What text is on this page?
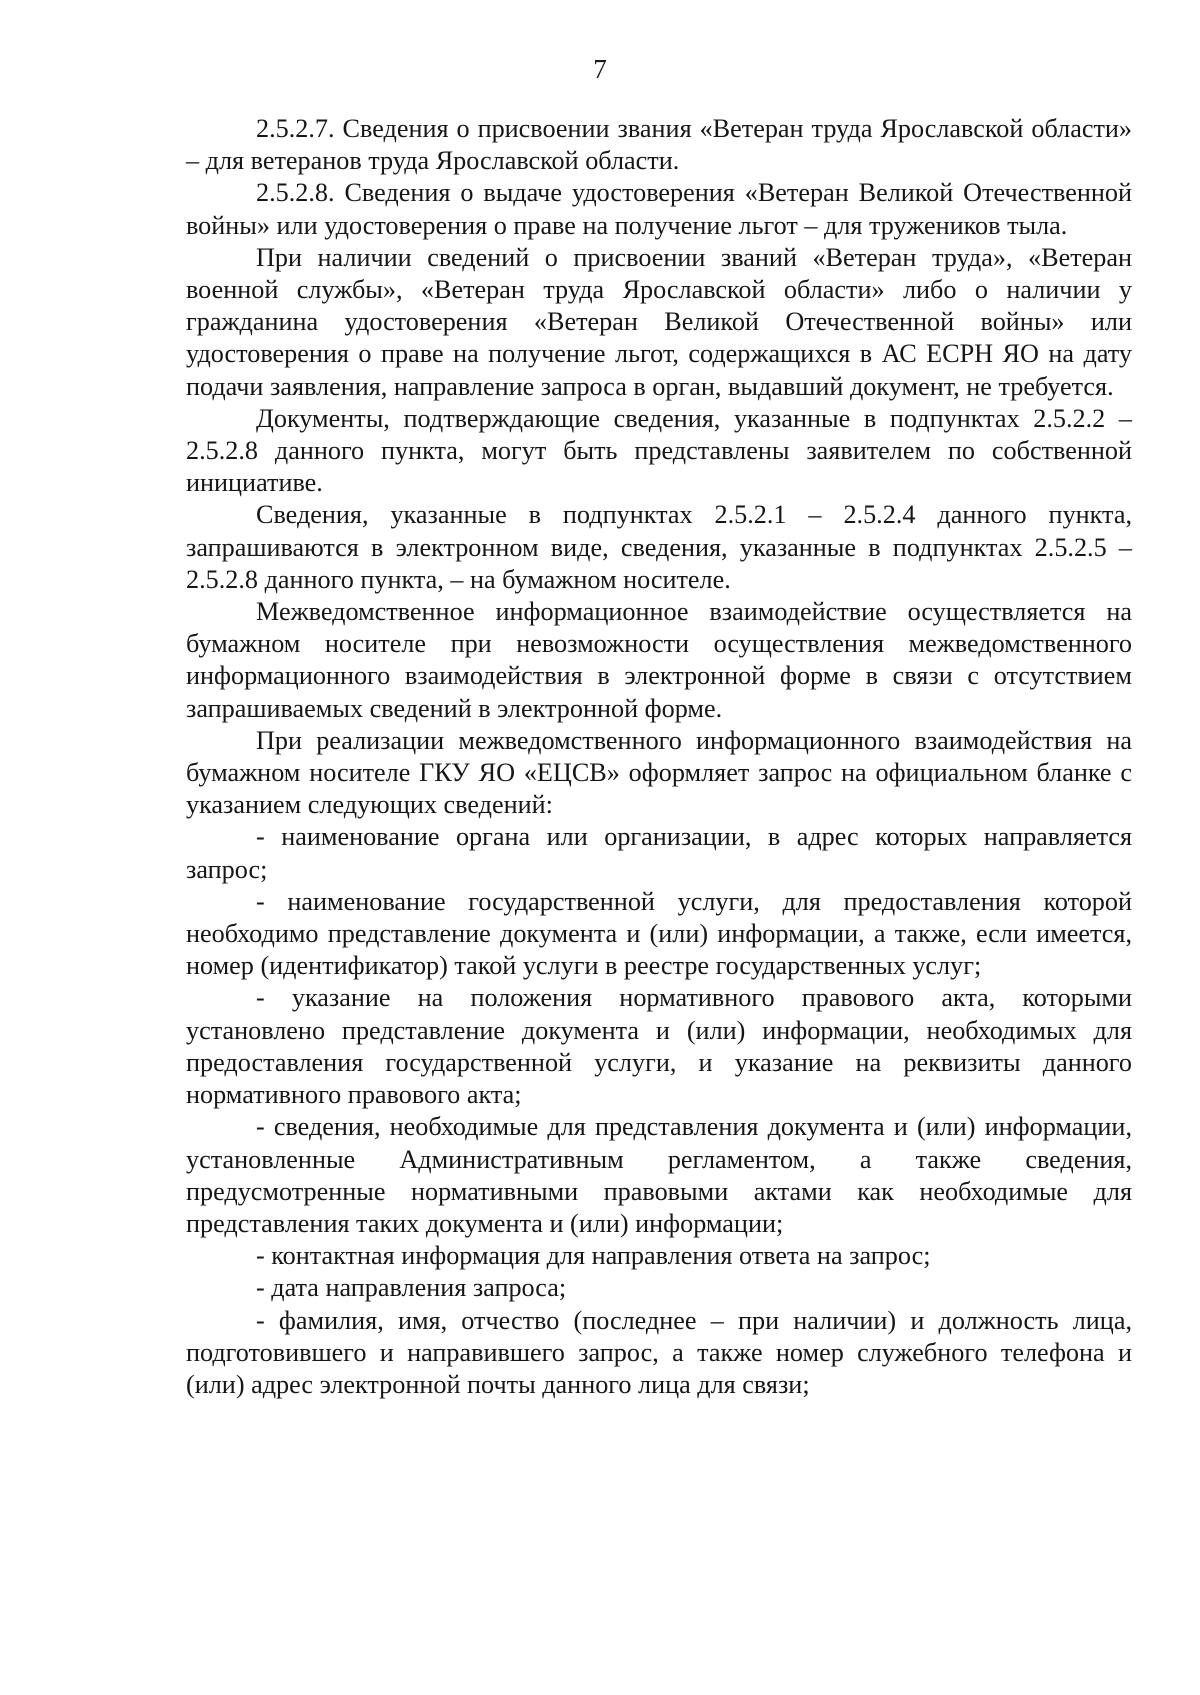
7

2.5.2.7. Сведения о присвоении звания «Ветеран труда Ярославской области» – для ветеранов труда Ярославской области.

2.5.2.8. Сведения о выдаче удостоверения «Ветеран Великой Отечественной войны» или удостоверения о праве на получение льгот – для тружеников тыла.

При наличии сведений о присвоении званий «Ветеран труда», «Ветеран военной службы», «Ветеран труда Ярославской области» либо о наличии у гражданина удостоверения «Ветеран Великой Отечественной войны» или удостоверения о праве на получение льгот, содержащихся в АС ЕСРН ЯО на дату подачи заявления, направление запроса в орган, выдавший документ, не требуется.

Документы, подтверждающие сведения, указанные в подпунктах 2.5.2.2 – 2.5.2.8 данного пункта, могут быть представлены заявителем по собственной инициативе.

Сведения, указанные в подпунктах 2.5.2.1 – 2.5.2.4 данного пункта, запрашиваются в электронном виде, сведения, указанные в подпунктах 2.5.2.5 – 2.5.2.8 данного пункта, – на бумажном носителе.

Межведомственное информационное взаимодействие осуществляется на бумажном носителе при невозможности осуществления межведомственного информационного взаимодействия в электронной форме в связи с отсутствием запрашиваемых сведений в электронной форме.

При реализации межведомственного информационного взаимодействия на бумажном носителе ГКУ ЯО «ЕЦСВ» оформляет запрос на официальном бланке с указанием следующих сведений:

- наименование органа или организации, в адрес которых направляется запрос;

- наименование государственной услуги, для предоставления которой необходимо представление документа и (или) информации, а также, если имеется, номер (идентификатор) такой услуги в реестре государственных услуг;

- указание на положения нормативного правового акта, которыми установлено представление документа и (или) информации, необходимых для предоставления государственной услуги, и указание на реквизиты данного нормативного правового акта;

- сведения, необходимые для представления документа и (или) информации, установленные Административным регламентом, а также сведения, предусмотренные нормативными правовыми актами как необходимые для представления таких документа и (или) информации;

- контактная информация для направления ответа на запрос;

- дата направления запроса;

- фамилия, имя, отчество (последнее – при наличии) и должность лица, подготовившего и направившего запрос, а также номер служебного телефона и (или) адрес электронной почты данного лица для связи;
